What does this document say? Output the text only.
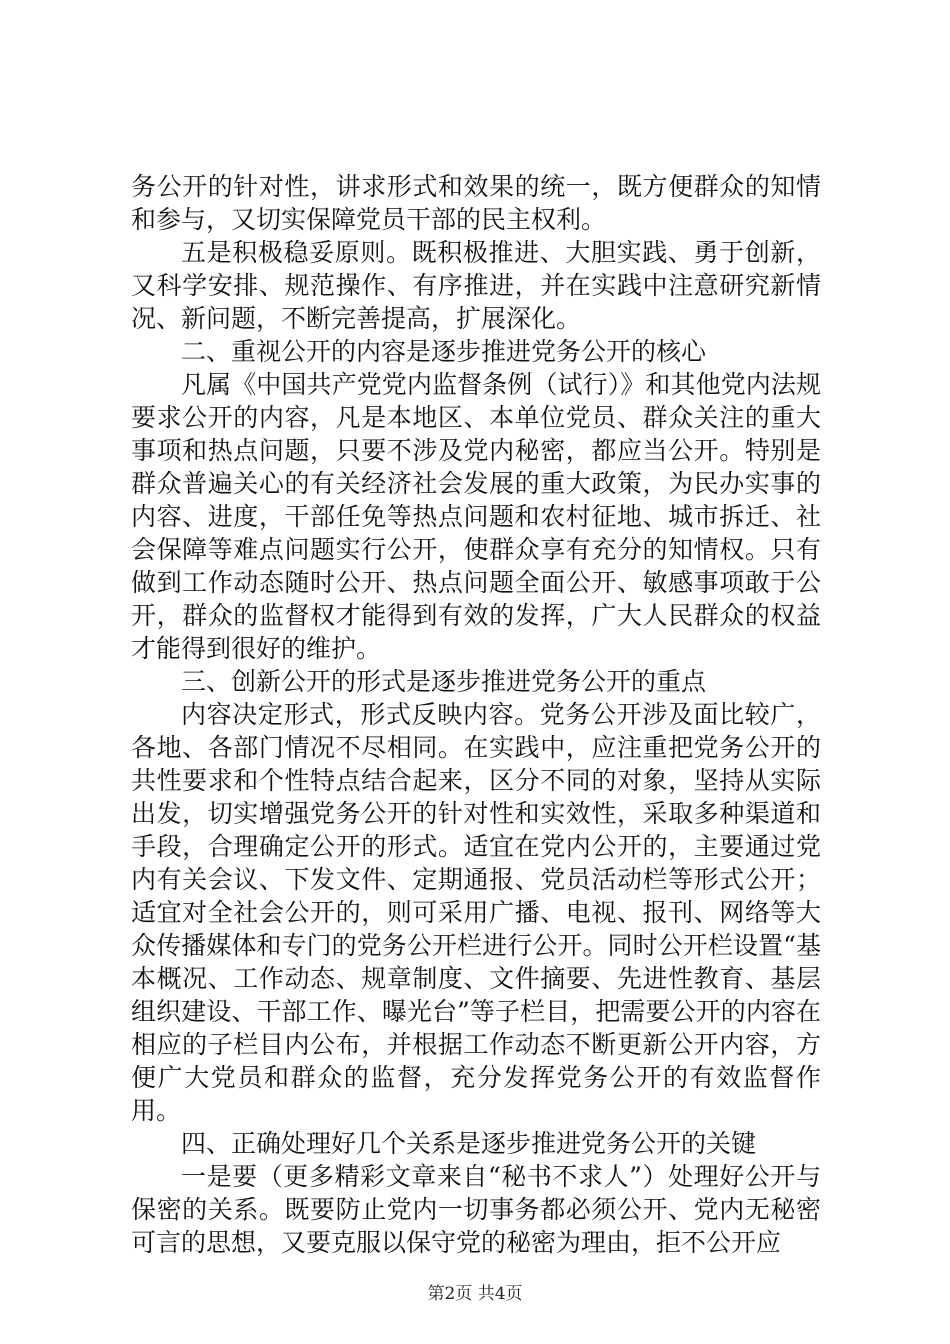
务公开的针对性，讲求形式和效果的统一，既方便群众的知情和参与，又切实保障党员干部的民主权利。

五是积极稳妥原则。既积极推进、大胆实践、勇于创新，又科学安排、规范操作、有序推进，并在实践中注意研究新情况、新问题，不断完善提高，扩展深化。

二、重视公开的内容是逐步推进党务公开的核心

凡属《中国共产党党内监督条例（试行）》和其他党内法规要求公开的内容，凡是本地区、本单位党员、群众关注的重大事项和热点问题，只要不涉及党内秘密，都应当公开。特别是群众普遍关心的有关经济社会发展的重大政策，为民办实事的内容、进度，干部任免等热点问题和农村征地、城市拆迁、社会保障等难点问题实行公开，使群众享有充分的知情权。只有做到工作动态随时公开、热点问题全面公开、敏感事项敢于公开，群众的监督权才能得到有效的发挥，广大人民群众的权益才能得到很好的维护。

三、创新公开的形式是逐步推进党务公开的重点

内容决定形式，形式反映内容。党务公开涉及面比较广，各地、各部门情况不尽相同。在实践中，应注重把党务公开的共性要求和个性特点结合起来，区分不同的对象，坚持从实际出发，切实增强党务公开的针对性和实效性，采取多种渠道和手段，合理确定公开的形式。适宜在党内公开的，主要通过党内有关会议、下发文件、定期通报、党员活动栏等形式公开；适宜对全社会公开的，则可采用广播、电视、报刊、网络等大众传播媒体和专门的党务公开栏进行公开。同时公开栏设置“基本概况、工作动态、规章制度、文件摘要、先进性教育、基层组织建设、干部工作、曝光台”等子栏目，把需要公开的内容在相应的子栏目内公布，并根据工作动态不断更新公开内容，方便广大党员和群众的监督，充分发挥党务公开的有效监督作用。

四、正确处理好几个关系是逐步推进党务公开的关键

一是要（更多精彩文章来自“秘书不求人”）处理好公开与保密的关系。既要防止党内一切事务都必须公开、党内无秘密可言的思想，又要克服以保守党的秘密为理由，拒不公开应

第2页 共4页
